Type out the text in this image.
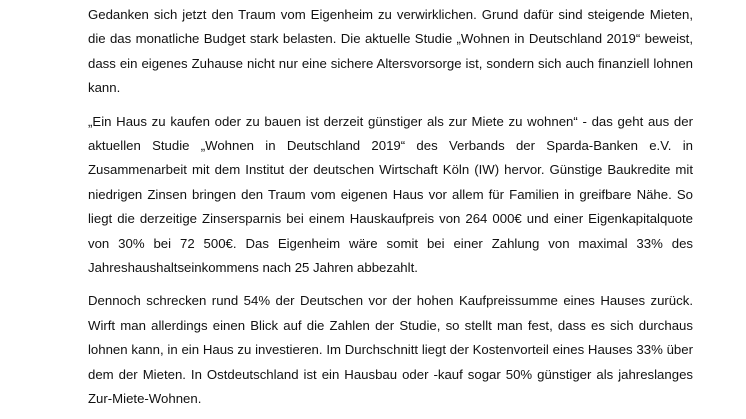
Gedanken sich jetzt den Traum vom Eigenheim zu verwirklichen. Grund dafür sind steigende Mieten, die das monatliche Budget stark belasten. Die aktuelle Studie „Wohnen in Deutschland 2019“ beweist, dass ein eigenes Zuhause nicht nur eine sichere Altersvorsorge ist, sondern sich auch finanziell lohnen kann.

„Ein Haus zu kaufen oder zu bauen ist derzeit günstiger als zur Miete zu wohnen“ - das geht aus der aktuellen Studie „Wohnen in Deutschland 2019“ des Verbands der Sparda-Banken e.V. in Zusammenarbeit mit dem Institut der deutschen Wirtschaft Köln (IW) hervor. Günstige Baukredite mit niedrigen Zinsen bringen den Traum vom eigenen Haus vor allem für Familien in greifbare Nähe. So liegt die derzeitige Zinsersparnis bei einem Hauskaufpreis von 264 000€ und einer Eigenkapitalquote von 30% bei 72 500€. Das Eigenheim wäre somit bei einer Zahlung von maximal 33% des Jahreshaushaltseinkommens nach 25 Jahren abbezahlt.

Dennoch schrecken rund 54% der Deutschen vor der hohen Kaufpreissumme eines Hauses zurück. Wirft man allerdings einen Blick auf die Zahlen der Studie, so stellt man fest, dass es sich durchaus lohnen kann, in ein Haus zu investieren. Im Durchschnitt liegt der Kostenvorteil eines Hauses 33% über dem der Mieten. In Ostdeutschland ist ein Hausbau oder -kauf sogar 50% günstiger als jahreslanges Zur-Miete-Wohnen.
